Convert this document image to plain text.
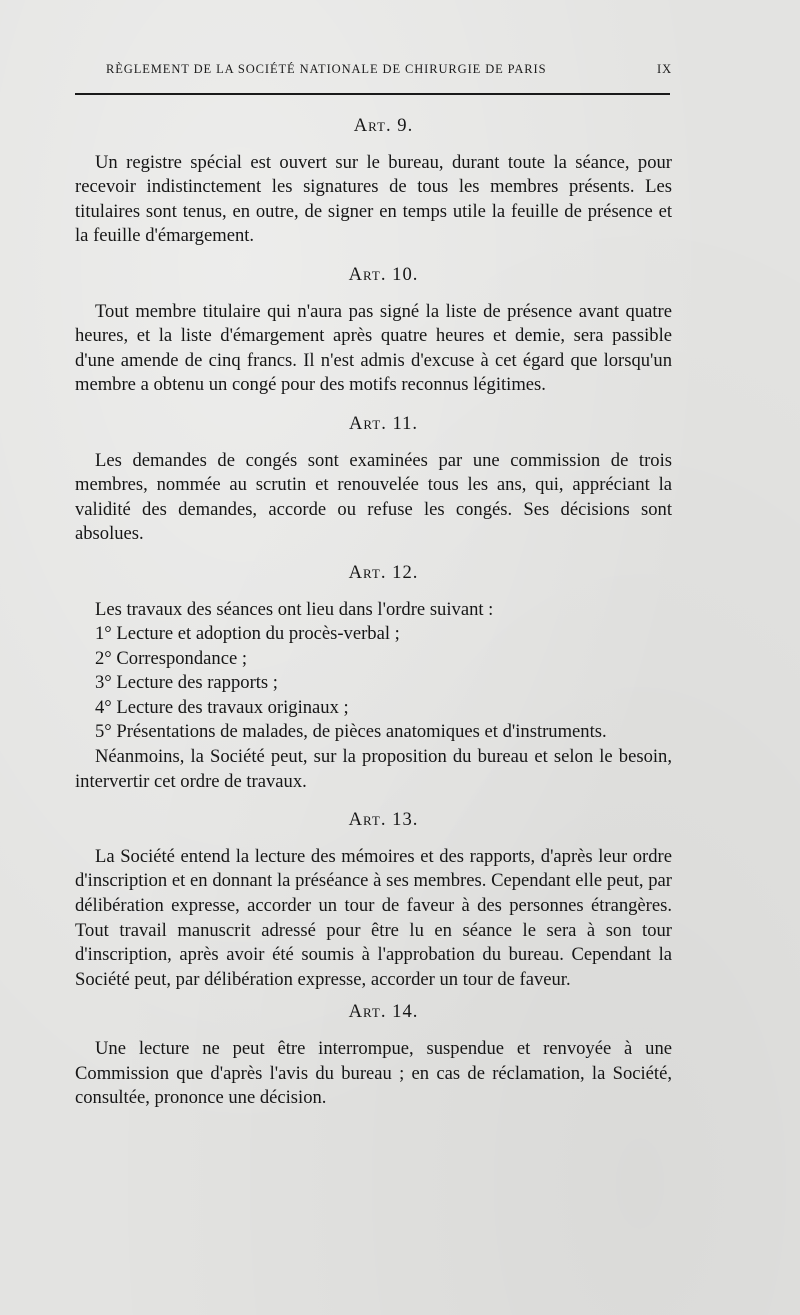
RÈGLEMENT DE LA SOCIÉTÉ NATIONALE DE CHIRURGIE DE PARIS	IX
Art. 9.

Un registre spécial est ouvert sur le bureau, durant toute la séance, pour recevoir indistinctement les signatures de tous les membres présents. Les titulaires sont tenus, en outre, de signer en temps utile la feuille de présence et la feuille d'émargement.

Art. 10.

Tout membre titulaire qui n'aura pas signé la liste de présence avant quatre heures, et la liste d'émargement après quatre heures et demie, sera passible d'une amende de cinq francs. Il n'est admis d'excuse à cet égard que lorsqu'un membre a obtenu un congé pour des motifs reconnus légitimes.

Art. 11.

Les demandes de congés sont examinées par une commission de trois membres, nommée au scrutin et renouvelée tous les ans, qui, appréciant la validité des demandes, accorde ou refuse les congés. Ses décisions sont absolues.

Art. 12.

Les travaux des séances ont lieu dans l'ordre suivant :

1° Lecture et adoption du procès-verbal ;
2° Correspondance ;
3° Lecture des rapports ;
4° Lecture des travaux originaux ;
5° Présentations de malades, de pièces anatomiques et d'instruments.

Néanmoins, la Société peut, sur la proposition du bureau et selon le besoin, intervertir cet ordre de travaux.

Art. 13.

La Société entend la lecture des mémoires et des rapports, d'après leur ordre d'inscription et en donnant la préséance à ses membres. Cependant elle peut, par délibération expresse, accorder un tour de faveur à des personnes étrangères. Tout travail manuscrit adressé pour être lu en séance le sera à son tour d'inscription, après avoir été soumis à l'approbation du bureau. Cependant la Société peut, par délibération expresse, accorder un tour de faveur.

Art. 14.

Une lecture ne peut être interrompue, suspendue et renvoyée à une Commission que d'après l'avis du bureau ; en cas de réclamation, la Société, consultée, prononce une décision.
